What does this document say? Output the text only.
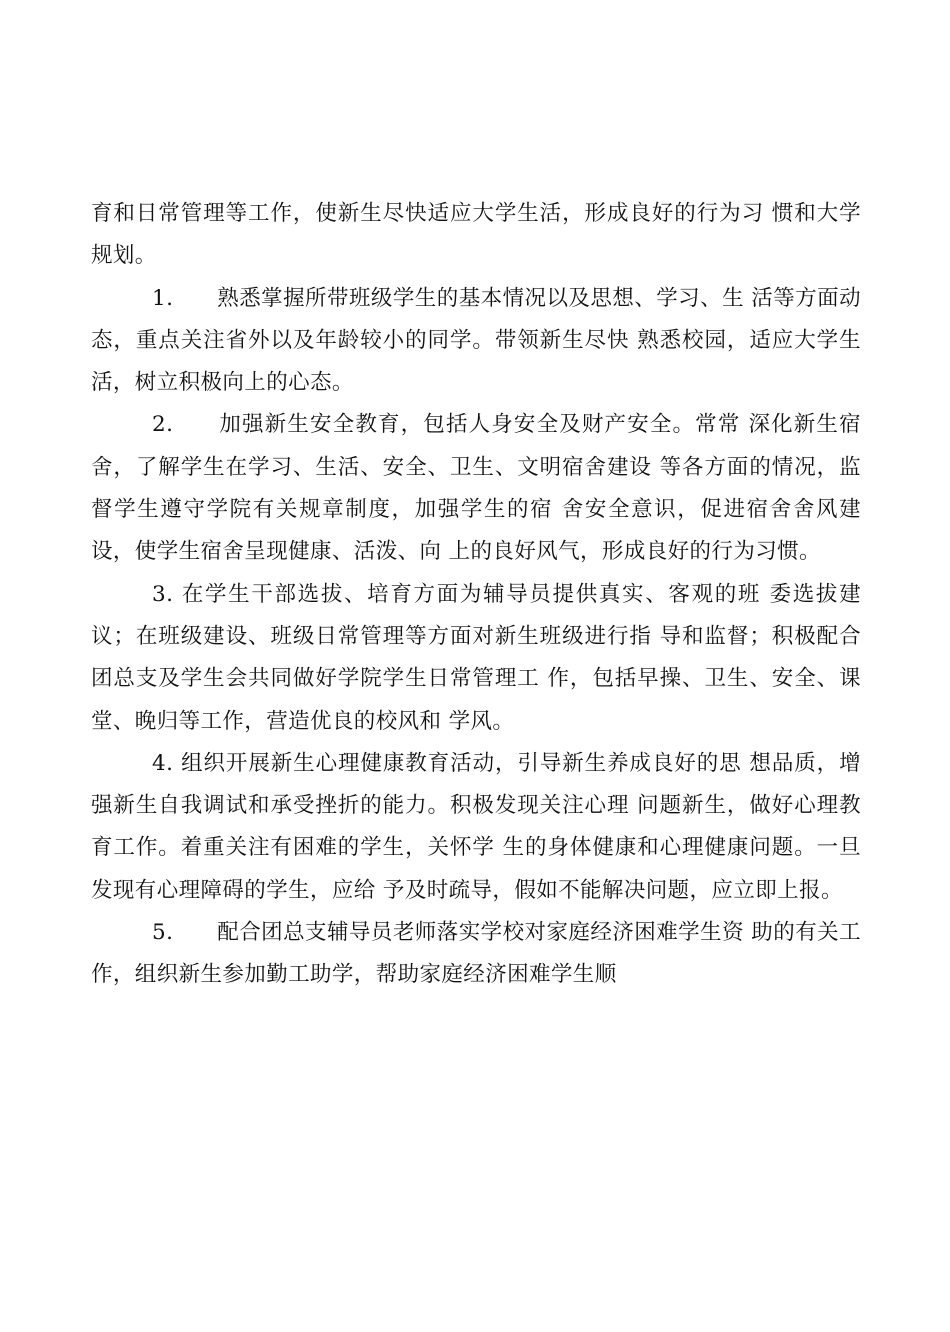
育和日常管理等工作，使新生尽快适应大学生活，形成良好的行为习 惯和大学规划。

1.　　熟悉掌握所带班级学生的基本情况以及思想、学习、生 活等方面动态，重点关注省外以及年龄较小的同学。带领新生尽快 熟悉校园，适应大学生活，树立积极向上的心态。

2.　　加强新生安全教育，包括人身安全及财产安全。常常 深化新生宿舍，了解学生在学习、生活、安全、卫生、文明宿舍建设 等各方面的情况，监督学生遵守学院有关规章制度，加强学生的宿 舍安全意识，促进宿舍舍风建设，使学生宿舍呈现健康、活泼、向 上的良好风气，形成良好的行为习惯。

3. 在学生干部选拔、培育方面为辅导员提供真实、客观的班 委选拔建议；在班级建设、班级日常管理等方面对新生班级进行指 导和监督；积极配合团总支及学生会共同做好学院学生日常管理工 作，包括早操、卫生、安全、课堂、晚归等工作，营造优良的校风和 学风。

4. 组织开展新生心理健康教育活动，引导新生养成良好的思 想品质，增强新生自我调试和承受挫折的能力。积极发现关注心理 问题新生，做好心理教育工作。着重关注有困难的学生，关怀学 生的身体健康和心理健康问题。一旦发现有心理障碍的学生，应给 予及时疏导，假如不能解决问题，应立即上报。

5.　　配合团总支辅导员老师落实学校对家庭经济困难学生资 助的有关工作，组织新生参加勤工助学，帮助家庭经济困难学生顺
